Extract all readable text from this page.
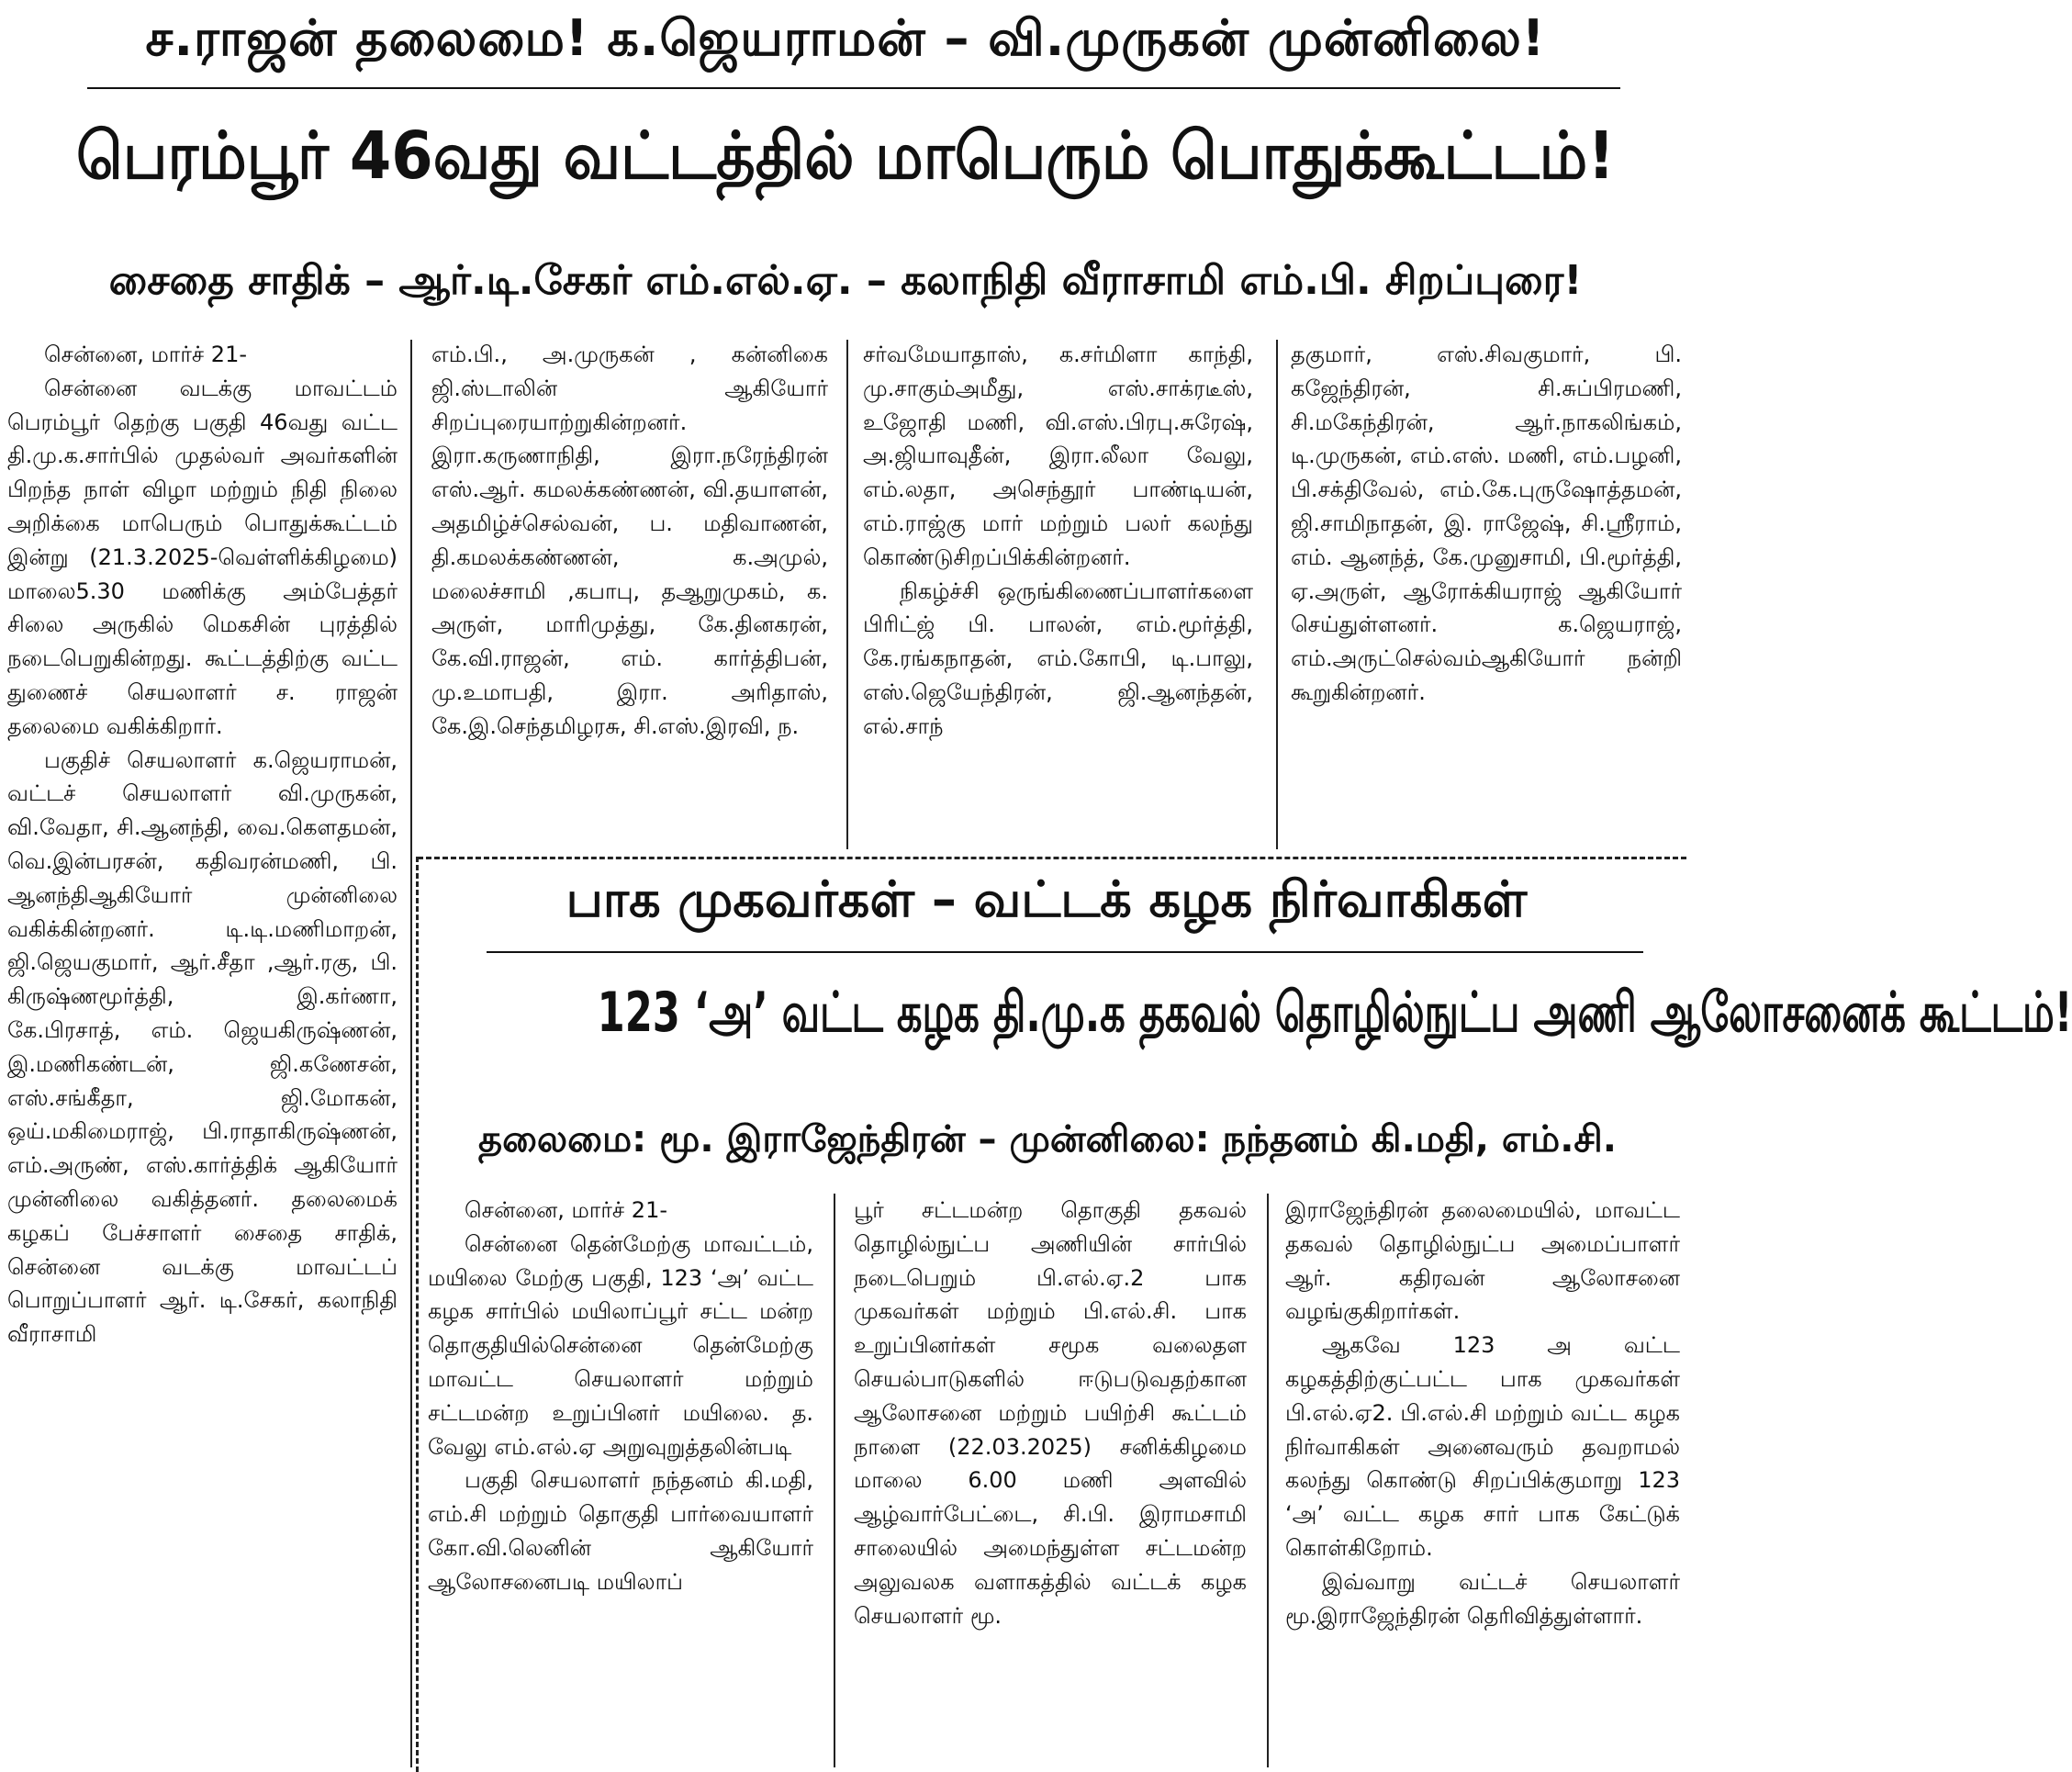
ச.ராஜன் தலைமை! க.ஜெயராமன் – வி.முருகன் முன்னிலை!
பெரம்பூர் 46வது வட்டத்தில் மாபெரும் பொதுக்கூட்டம்!
சைதை சாதிக் – ஆர்.டி.சேகர் எம்.எல்.ஏ. – கலாநிதி வீராசாமி எம்.பி. சிறப்புரை!

சென்னை, மார்ச் 21-

சென்னை வடக்கு மாவட்டம் பெரம்பூர் தெற்கு பகுதி 46வது வட்ட தி.மு.க.சார்பில் முதல்வர் அவர்களின் பிறந்த நாள் விழா மற்றும் நிதி நிலை அறிக்கை மாபெரும் பொதுக்கூட்டம் இன்று (21.3.2025-வெள்ளிக்கிழமை) மாலை5.30 மணிக்கு அம்பேத்தர் சிலை அருகில் மெகசின் புரத்தில் நடைபெறுகின்றது. கூட்டத்திற்கு வட்ட துணைச் செயலாளர் ச. ராஜன் தலைமை வகிக்கிறார்.

பகுதிச் செயலாளர் க.ஜெயராமன், வட்டச் செயலாளர் வி.முருகன், வி.வேதா, சி.ஆனந்தி, வை.கௌதமன், வெ.இன்பரசன், கதிவரன்மணி, பி. ஆனந்திஆகியோர் முன்னிலை வகிக்கின்றனர். டி.டி.மணிமாறன், ஜி.ஜெயகுமார், ஆர்.சீதா ,ஆர்.ரகு, பி. கிருஷ்ணமூர்த்தி, இ.கர்ணா, கே.பிரசாத், எம். ஜெயகிருஷ்ணன், இ.மணிகண்டன், ஜி.கணேசன், எஸ்.சங்கீதா, ஜி.மோகன், ஒய்.மகிமைராஜ், பி.ராதாகிருஷ்ணன், எம்.அருண், எஸ்.கார்த்திக் ஆகியோர் முன்னிலை வகித்தனர். தலைமைக் கழகப் பேச்சாளர் சைதை சாதிக், சென்னை வடக்கு மாவட்டப் பொறுப்பாளர் ஆர். டி.சேகர், கலாநிதி வீராசாமி

எம்.பி., அ.முருகன் , கன்னிகை ஜி.ஸ்டாலின் ஆகியோர் சிறப்புரையாற்றுகின்றனர். இரா.கருணாநிதி, இரா.நரேந்திரன் எஸ்.ஆர். கமலக்கண்ணன், வி.தயாளன், அதமிழ்ச்செல்வன், ப. மதிவாணன், தி.கமலக்கண்ணன், க.அமுல், மலைச்சாமி ,கபாபு, தஆறுமுகம், க. அருள், மாரிமுத்து, கே.தினகரன், கே.வி.ராஜன், எம். கார்த்திபன், மு.உமாபதி, இரா. அரிதாஸ், கே.இ.செந்தமிழரசு, சி.எஸ்.இரவி, ந.

சர்வமேயாதாஸ், க.சர்மிளா காந்தி, மு.சாகும்அமீது, எஸ்.சாக்ரடீஸ், உஜோதி மணி, வி.எஸ்.பிரபு.சுரேஷ், அ.ஜியாவுதீன், இரா.லீலா வேலு, எம்.லதா, அசெந்தூர் பாண்டியன், எம்.ராஜ்கு மார் மற்றும் பலர் கலந்து கொண்டுசிறப்பிக்கின்றனர்.

நிகழ்ச்சி ஒருங்கிணைப்பாளர்களை பிரிட்ஜ் பி. பாலன், எம்.மூர்த்தி, கே.ரங்கநாதன், எம்.கோபி, டி.பாலு, எஸ்.ஜெயேந்திரன், ஜி.ஆனந்தன், எல்.சாந்

தகுமார், எஸ்.சிவகுமார், பி. கஜேந்திரன், சி.சுப்பிரமணி, சி.மகேந்திரன், ஆர்.நாகலிங்கம், டி.முருகன், எம்.எஸ். மணி, எம்.பழனி, பி.சக்திவேல், எம்.கே.புருஷோத்தமன், ஜி.சாமிநாதன், இ. ராஜேஷ், சி.ஸ்ரீராம், எம். ஆனந்த், கே.முனுசாமி, பி.மூர்த்தி, ஏ.அருள், ஆரோக்கியராஜ் ஆகியோர் செய்துள்ளனர். க.ஜெயராஜ், எம்.அருட்செல்வம்ஆகியோர் நன்றி கூறுகின்றனர்.

பாக முகவர்கள் – வட்டக் கழக நிர்வாகிகள்
123 ‘அ’ வட்ட கழக தி.மு.க தகவல் தொழில்நுட்ப அணி ஆலோசனைக் கூட்டம்!
தலைமை: மூ. இராஜேந்திரன் – முன்னிலை: நந்தனம் கி.மதி, எம்.சி.

சென்னை, மார்ச் 21-

சென்னை தென்மேற்கு மாவட்டம், மயிலை மேற்கு பகுதி, 123 ‘அ’ வட்ட கழக சார்பில் மயிலாப்பூர் சட்ட மன்ற தொகுதியில்சென்னை தென்மேற்கு மாவட்ட செயலாளர் மற்றும் சட்டமன்ற உறுப்பினர் மயிலை. த. வேலு எம்.எல்.ஏ அறுவுறுத்தலின்படி

பகுதி செயலாளர் நந்தனம் கி.மதி, எம்.சி மற்றும் தொகுதி பார்வையாளர் கோ.வி.லெனின் ஆகியோர் ஆலோசனைபடி மயிலாப்

பூர் சட்டமன்ற தொகுதி தகவல் தொழில்நுட்ப அணியின் சார்பில் நடைபெறும் பி.எல்.ஏ.2 பாக முகவர்கள் மற்றும் பி.எல்.சி. பாக உறுப்பினர்கள் சமூக வலைதள செயல்பாடுகளில் ஈடுபடுவதற்கான ஆலோசனை மற்றும் பயிற்சி கூட்டம் நாளை (22.03.2025) சனிக்கிழமை மாலை 6.00 மணி அளவில் ஆழ்வார்பேட்டை, சி.பி. இராமசாமி சாலையில் அமைந்துள்ள சட்டமன்ற அலுவலக வளாகத்தில் வட்டக் கழக செயலாளர் மூ.

இராஜேந்திரன் தலைமையில், மாவட்ட தகவல் தொழில்நுட்ப அமைப்பாளர் ஆர். கதிரவன் ஆலோசனை வழங்குகிறார்கள்.

ஆகவே 123 அ வட்ட கழகத்திற்குட்பட்ட பாக முகவர்கள் பி.எல்.ஏ2. பி.எல்.சி மற்றும் வட்ட கழக நிர்வாகிகள் அனைவரும் தவறாமல் கலந்து கொண்டு சிறப்பிக்குமாறு 123 ‘அ’ வட்ட கழக சார் பாக கேட்டுக் கொள்கிறோம்.

இவ்வாறு வட்டச் செயலாளர் மூ.இராஜேந்திரன் தெரிவித்துள்ளார்.
